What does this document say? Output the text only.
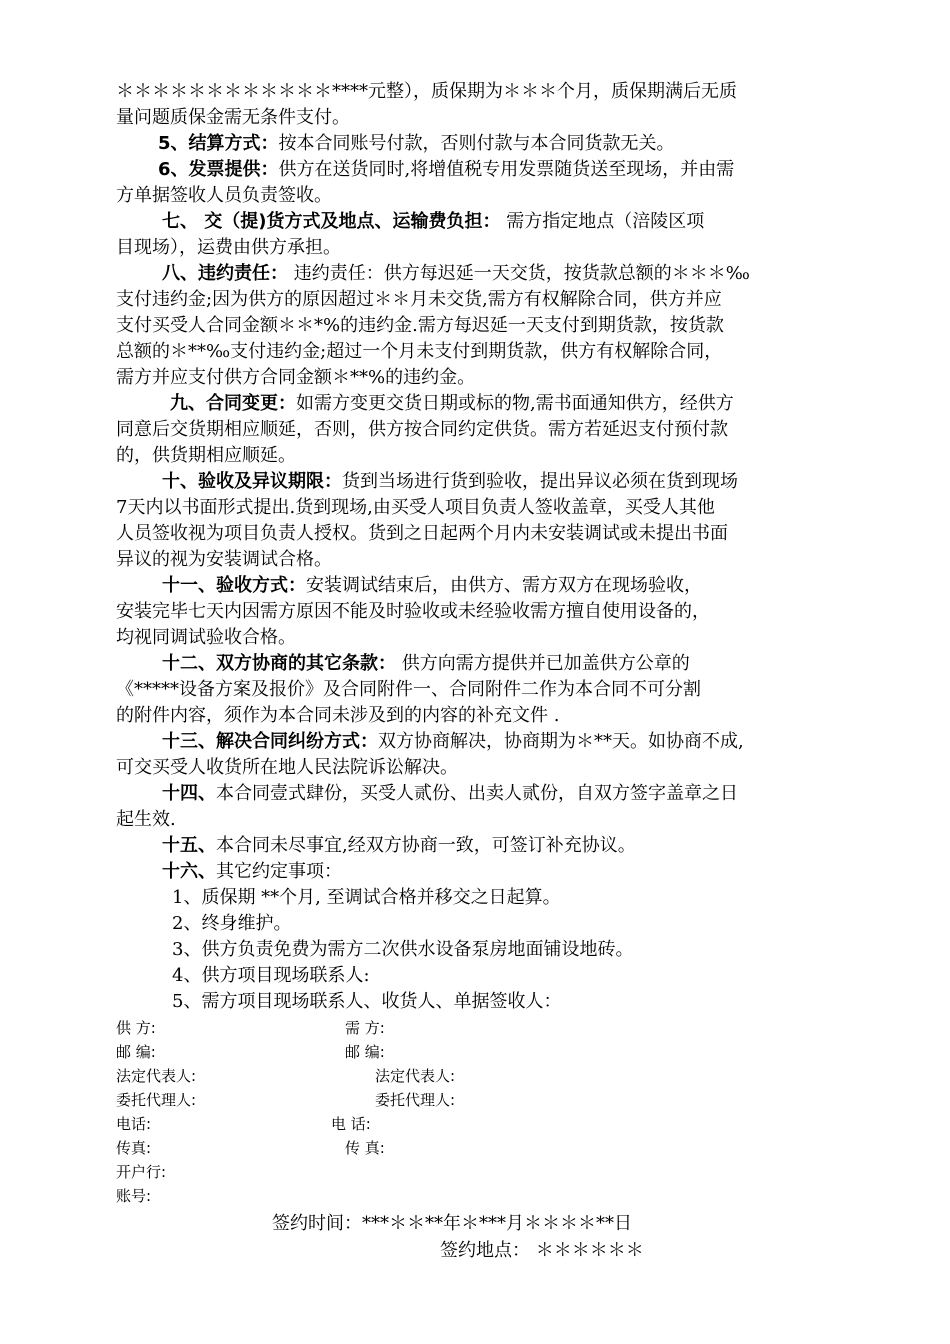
＊＊＊＊＊＊＊＊＊＊＊＊****元整），质保期为＊＊＊个月，质保期满后无质
量问题质保金需无条件支付。
5、结算方式：按本合同账号付款，否则付款与本合同货款无关。
6、发票提供：供方在送货同时,将增值税专用发票随货送至现场，并由需
方单据签收人员负责签收。
七、 交（提)货方式及地点、运输费负担： 需方指定地点（涪陵区项
目现场），运费由供方承担。
八、违约责任： 违约责任：供方每迟延一天交货，按货款总额的＊＊＊‰
支付违约金;因为供方的原因超过＊＊月未交货,需方有权解除合同，供方并应
支付买受人合同金额＊＊*%的违约金.需方每迟延一天支付到期货款，按货款
总额的＊**‰支付违约金;超过一个月未支付到期货款，供方有权解除合同，
需方并应支付供方合同金额＊**%的违约金。
九、合同变更：如需方变更交货日期或标的物,需书面通知供方，经供方
同意后交货期相应顺延，否则，供方按合同约定供货。需方若延迟支付预付款
的，供货期相应顺延。
十、验收及异议期限：货到当场进行货到验收，提出异议必须在货到现场
7天内以书面形式提出.货到现场,由买受人项目负责人签收盖章，买受人其他
人员签收视为项目负责人授权。货到之日起两个月内未安装调试或未提出书面
异议的视为安装调试合格。
十一、验收方式：安装调试结束后，由供方、需方双方在现场验收，
安装完毕七天内因需方原因不能及时验收或未经验收需方擅自使用设备的，
均视同调试验收合格。
十二、双方协商的其它条款： 供方向需方提供并已加盖供方公章的
《*****设备方案及报价》及合同附件一、合同附件二作为本合同不可分割
的附件内容，须作为本合同未涉及到的内容的补充文件 .
十三、解决合同纠纷方式：双方协商解决，协商期为＊**天。如协商不成,
可交买受人收货所在地人民法院诉讼解决。
十四、本合同壹式肆份，买受人贰份、出卖人贰份，自双方签字盖章之日
起生效.
十五、本合同未尽事宜,经双方协商一致，可签订补充协议。
十六、其它约定事项：
1、质保期 **个月, 至调试合格并移交之日起算。
2、终身维护。
3、供方负责免费为需方二次供水设备泵房地面铺设地砖。
4、供方项目现场联系人:
5、需方项目现场联系人、收货人、单据签收人：
供 方:
邮 编:
法定代表人:
委托代理人:
电话:
传真:
开户行:
账号:
需 方:
邮 编:
法定代表人:
委托代理人:
电 话:
传 真:
签约时间：***＊＊**年＊***月＊＊＊＊**日
签约地点： ＊＊＊＊＊＊
